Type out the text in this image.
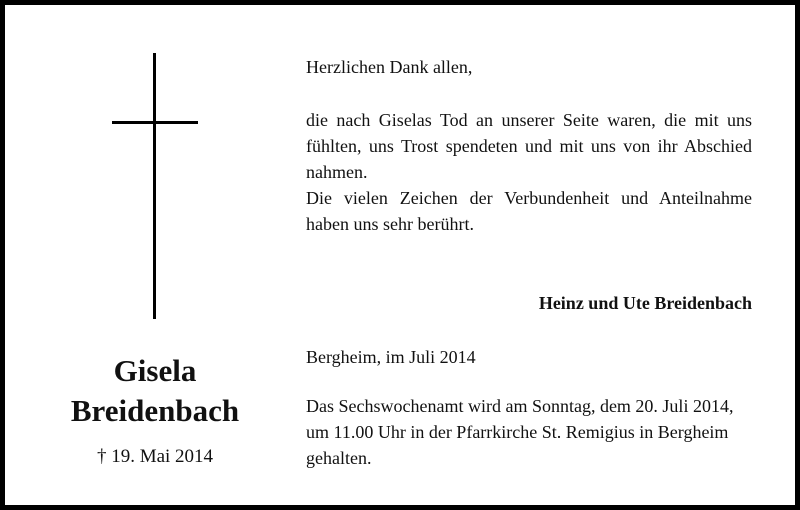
Gisela
Breidenbach
† 19. Mai 2014
Herzlichen Dank allen,
die nach Giselas Tod an unserer Seite waren, die mit uns fühlten, uns Trost spendeten und mit uns von ihr Abschied nahmen.
Die vielen Zeichen der Verbundenheit und Anteilnahme haben uns sehr berührt.
Heinz und Ute Breidenbach
Bergheim, im Juli 2014
Das Sechswochenamt wird am Sonntag, dem 20. Juli 2014, um 11.00 Uhr in der Pfarrkirche St. Remigius in Bergheim gehalten.
